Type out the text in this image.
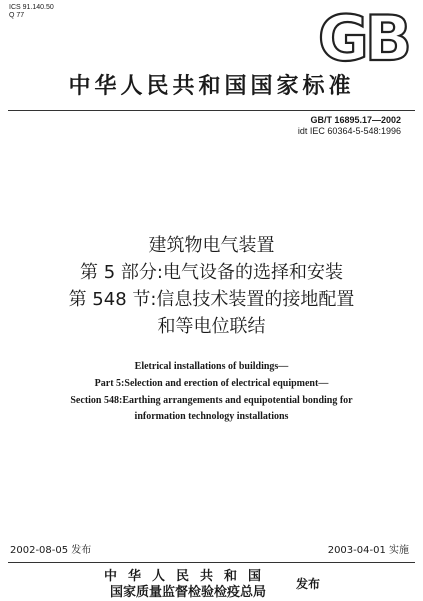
ICS 91.140.50
Q 77	GB
中华人民共和国国家标准
GB/T 16895.17—2002
idt IEC 60364-5-548:1996
建筑物电气装置
第 5 部分:电气设备的选择和安装
第 548 节:信息技术装置的接地配置
和等电位联结
Eletrical installations of buildings—
Part 5:Selection and erection of electrical equipment—
Section 548:Earthing arrangements and equipotential bonding for
information technology installations
2002-08-05 发布	2003-04-01 实施
中华人民共和国
国家质量监督检验检疫总局
发布
